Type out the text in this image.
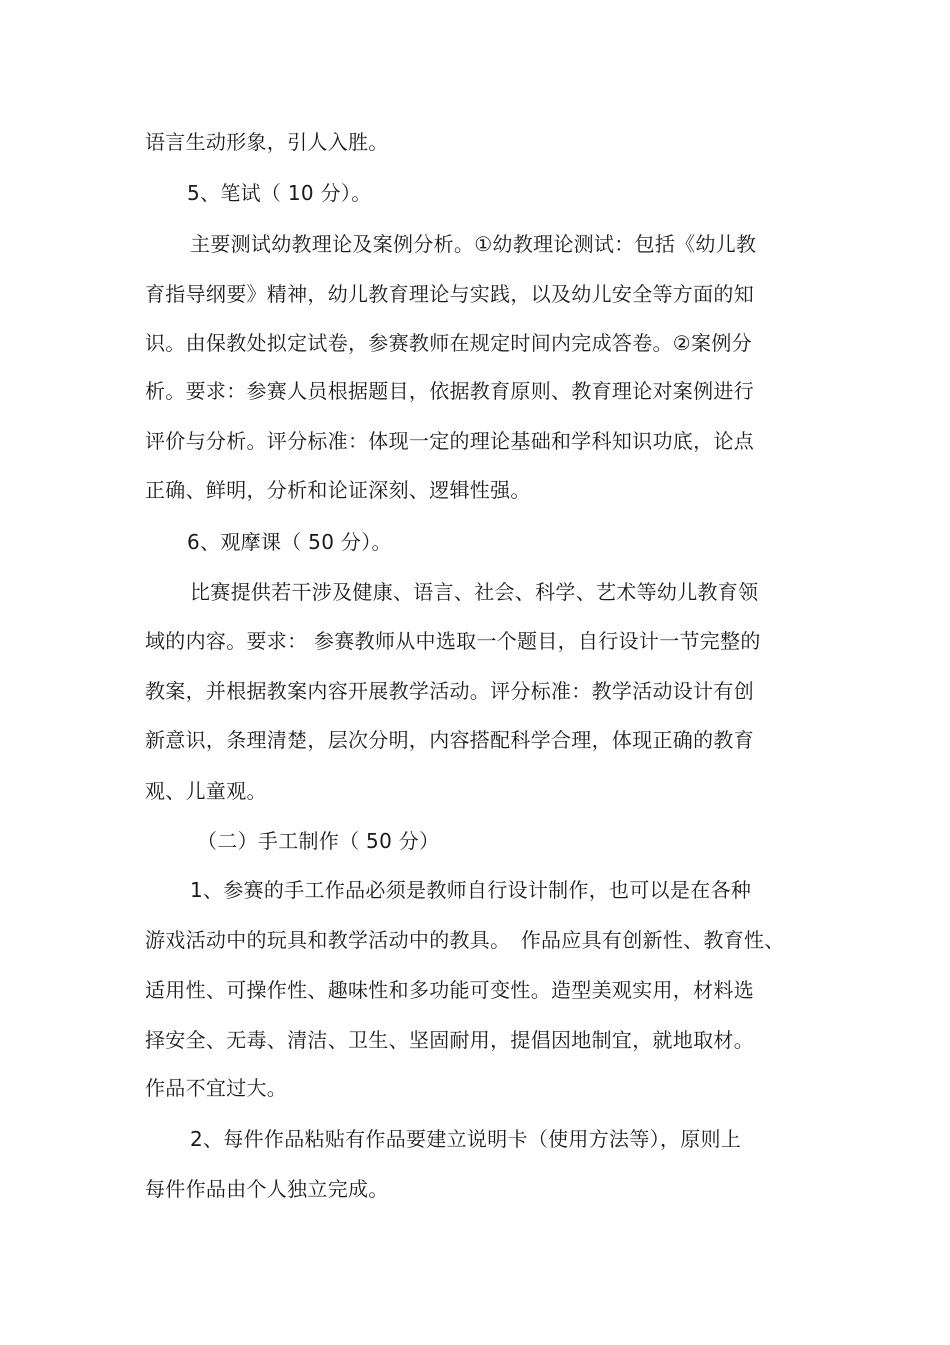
语言生动形象，引人入胜。
5、笔试（ 10 分）。
主要测试幼教理论及案例分析。①幼教理论测试：包括《幼儿教
育指导纲要》精神，幼儿教育理论与实践，以及幼儿安全等方面的知
识。由保教处拟定试卷，参赛教师在规定时间内完成答卷。②案例分
析。要求：参赛人员根据题目，依据教育原则、教育理论对案例进行
评价与分析。评分标准：体现一定的理论基础和学科知识功底，论点
正确、鲜明，分析和论证深刻、逻辑性强。
6、观摩课（ 50 分）。
比赛提供若干涉及健康、语言、社会、科学、艺术等幼儿教育领
域的内容。要求： 参赛教师从中选取一个题目，自行设计一节完整的
教案，并根据教案内容开展教学活动。评分标准：教学活动设计有创
新意识，条理清楚，层次分明，内容搭配科学合理，体现正确的教育
观、儿童观。
（二）手工制作（ 50 分）
1、参赛的手工作品必须是教师自行设计制作，也可以是在各种
游戏活动中的玩具和教学活动中的教具。　作品应具有创新性、教育性、
适用性、可操作性、趣味性和多功能可变性。造型美观实用，材料选
择安全、无毒、清洁、卫生、坚固耐用，提倡因地制宜，就地取材。
作品不宜过大。
2、每件作品粘贴有作品要建立说明卡（使用方法等），原则上
每件作品由个人独立完成。
